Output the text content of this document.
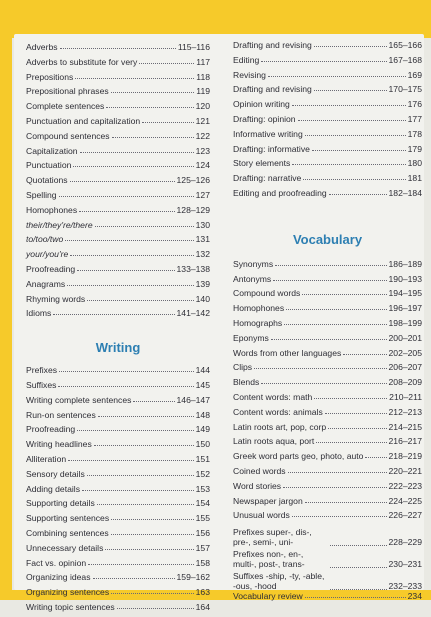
Adverbs	115–116
Adverbs to substitute for very	117
Prepositions	118
Prepositional phrases	119
Complete sentences	120
Punctuation and capitalization	121
Compound sentences	122
Capitalization	123
Punctuation	124
Quotations	125–126
Spelling	127
Homophones	128–129
their/they're/there	130
to/too/two	131
your/you're	132
Proofreading	133–138
Anagrams	139
Rhyming words	140
Idioms	141–142
Writing
Prefixes	144
Suffixes	145
Writing complete sentences	146–147
Run-on sentences	148
Proofreading	149
Writing headlines	150
Alliteration	151
Sensory details	152
Adding details	153
Supporting details	154
Supporting sentences	155
Combining sentences	156
Unnecessary details	157
Fact vs. opinion	158
Organizing ideas	159–162
Organizing sentences	163
Writing topic sentences	164
Drafting and revising	165–166
Editing	167–168
Revising	169
Drafting and revising	170–175
Opinion writing	176
Drafting: opinion	177
Informative writing	178
Drafting: informative	179
Story elements	180
Drafting: narrative	181
Editing and proofreading	182–184
Vocabulary
Synonyms	186–189
Antonyms	190–193
Compound words	194–195
Homophones	196–197
Homographs	198–199
Eponyms	200–201
Words from other languages	202–205
Clips	206–207
Blends	208–209
Content words: math	210–211
Content words: animals	212–213
Latin roots art, pop, corp	214–215
Latin roots aqua, port	216–217
Greek word parts geo, photo, auto	218–219
Coined words	220–221
Word stories	222–223
Newspaper jargon	224–225
Unusual words	226–227
Prefixes super-, dis-, pre-, semi-, uni-	228–229
Prefixes non-, en-, multi-, post-, trans-	230–231
Suffixes -ship, -ty, -able, -ous, -hood	232–233
Vocabulary review	234
